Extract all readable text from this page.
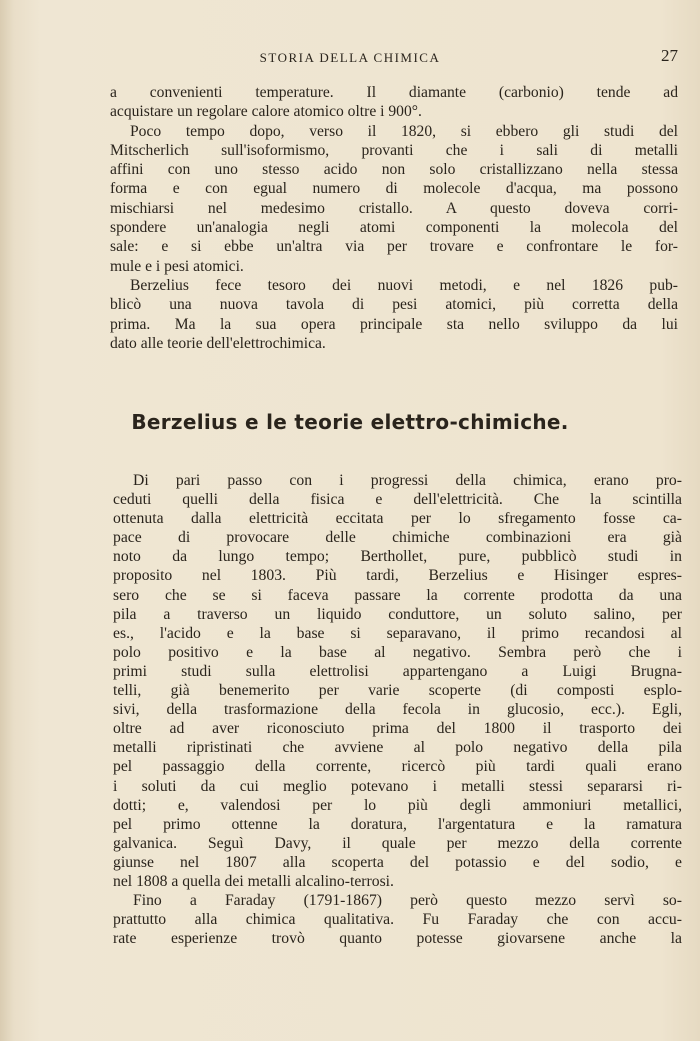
STORIA DELLA CHIMICA	27
a convenienti temperature. Il diamante (carbonio) tende ad
acquistare un regolare calore atomico oltre i 900°.
Poco tempo dopo, verso il 1820, si ebbero gli studi del
Mitscherlich sull'isoformismo, provanti che i sali di metalli
affini con uno stesso acido non solo cristallizzano nella stessa
forma e con egual numero di molecole d'acqua, ma possono
mischiarsi nel medesimo cristallo. A questo doveva corri-
spondere un'analogia negli atomi componenti la molecola del
sale: e si ebbe un'altra via per trovare e confrontare le for-
mule e i pesi atomici.
Berzelius fece tesoro dei nuovi metodi, e nel 1826 pub-
blicò una nuova tavola di pesi atomici, più corretta della
prima. Ma la sua opera principale sta nello sviluppo da lui
dato alle teorie dell'elettrochimica.
Berzelius e le teorie elettro-chimiche.
Di pari passo con i progressi della chimica, erano pro-
ceduti quelli della fisica e dell'elettricità. Che la scintilla
ottenuta dalla elettricità eccitata per lo sfregamento fosse ca-
pace di provocare delle chimiche combinazioni era già
noto da lungo tempo; Berthollet, pure, pubblicò studi in
proposito nel 1803. Più tardi, Berzelius e Hisinger espres-
sero che se si faceva passare la corrente prodotta da una
pila a traverso un liquido conduttore, un soluto salino, per
es., l'acido e la base si separavano, il primo recandosi al
polo positivo e la base al negativo. Sembra però che i
primi studi sulla elettrolisi appartengano a Luigi Brugna-
telli, già benemerito per varie scoperte (di composti esplo-
sivi, della trasformazione della fecola in glucosio, ecc.). Egli,
oltre ad aver riconosciuto prima del 1800 il trasporto dei
metalli ripristinati che avviene al polo negativo della pila
pel passaggio della corrente, ricercò più tardi quali erano
i soluti da cui meglio potevano i metalli stessi separarsi ri-
dotti; e, valendosi per lo più degli ammoniuri metallici,
pel primo ottenne la doratura, l'argentatura e la ramatura
galvanica. Seguì Davy, il quale per mezzo della corrente
giunse nel 1807 alla scoperta del potassio e del sodio, e
nel 1808 a quella dei metalli alcalino-terrosi.
Fino a Faraday (1791-1867) però questo mezzo servì so-
prattutto alla chimica qualitativa. Fu Faraday che con accu-
rate esperienze trovò quanto potesse giovarsene anche la
